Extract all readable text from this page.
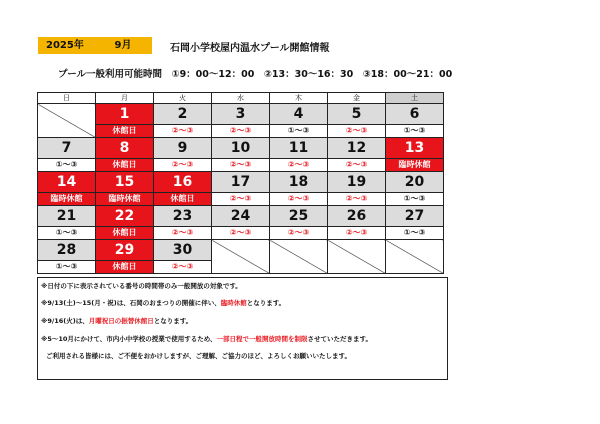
2025年	9月	石岡小学校屋内温水プール開館情報
プール一般利用可能時間　①9：00～12：00　②13：30～16：30　③18：00～21：00
日	月	火	水	木	金	土
	1	2	3	4	5	6
	休館日	②～③	②～③	①～③	②～③	①～③
7	8	9	10	11	12	13
①～③	休館日	②～③	②～③	②～③	②～③	臨時休館
14	15	16	17	18	19	20
臨時休館	臨時休館	休館日	②～③	②～③	②～③	①～③
21	22	23	24	25	26	27
①～③	休館日	②～③	②～③	②～③	②～③	①～③
28	29	30				
①～③	休館日	②～③				
※日付の下に表示されている番号の時間帯のみ一般開放の対象です。
※9/13(土)～15(月・祝)は、石岡のおまつりの開催に伴い、臨時休館となります。
※9/16(火)は、月曜祝日の振替休館日となります。
※5～10月にかけて、市内小中学校の授業で使用するため、一部日程で一般開放時間を制限させていただきます。
ご利用される皆様には、ご不便をおかけしますが、ご理解、ご協力のほど、よろしくお願いいたします。
